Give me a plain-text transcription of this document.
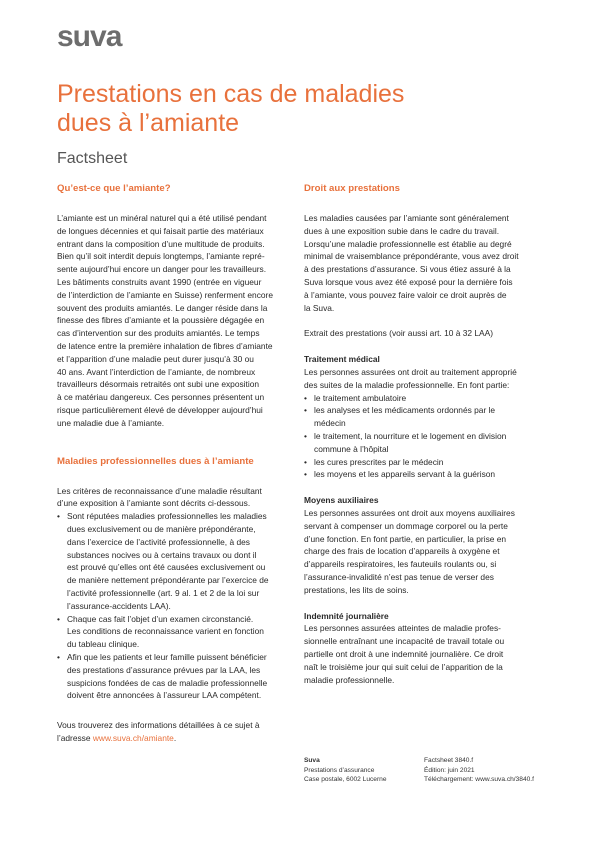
suva
Prestations en cas de maladies
dues à l’amiante
Factsheet
Qu’est-ce que l’amiante?

L’amiante est un minéral naturel qui a été utilisé pendant
de longues décennies et qui faisait partie des matériaux
entrant dans la composition d’une multitude de produits.
Bien qu’il soit interdit depuis longtemps, l’amiante repré-
sente aujourd’hui encore un danger pour les travailleurs.
Les bâtiments construits avant 1990 (entrée en vigueur
de l’interdiction de l’amiante en Suisse) renferment encore
souvent des produits amiantés. Le danger réside dans la
finesse des fibres d’amiante et la poussière dégagée en
cas d’intervention sur des produits amiantés. Le temps
de latence entre la première inhalation de fibres d’amiante
et l’apparition d’une maladie peut durer jusqu’à 30 ou
40 ans. Avant l’interdiction de l’amiante, de nombreux
travailleurs désormais retraités ont subi une exposition
à ce matériau dangereux. Ces personnes présentent un
risque particulièrement élevé de développer aujourd’hui
une maladie due à l’amiante.

Maladies professionnelles dues à l’amiante

Les critères de reconnaissance d’une maladie résultant
d’une exposition à l’amiante sont décrits ci-dessous.

• Sont réputées maladies professionnelles les maladies
dues exclusivement ou de manière prépondérante,
dans l’exercice de l’activité professionnelle, à des
substances nocives ou à certains travaux ou dont il
est prouvé qu’elles ont été causées exclusivement ou
de manière nettement prépondérante par l’exercice de
l’activité professionnelle (art. 9 al. 1 et 2 de la loi sur
l’assurance-accidents LAA).
• Chaque cas fait l’objet d’un examen circonstancié.
Les conditions de reconnaissance varient en fonction
du tableau clinique.
• Afin que les patients et leur famille puissent bénéficier
des prestations d’assurance prévues par la LAA, les
suspicions fondées de cas de maladie professionnelle
doivent être annoncées à l’assureur LAA compétent.

Vous trouverez des informations détaillées à ce sujet à
l’adresse www.suva.ch/amiante.

Droit aux prestations

Les maladies causées par l’amiante sont généralement
dues à une exposition subie dans le cadre du travail.
Lorsqu’une maladie professionnelle est établie au degré
minimal de vraisemblance prépondérante, vous avez droit
à des prestations d’assurance. Si vous étiez assuré à la
Suva lorsque vous avez été exposé pour la dernière fois
à l’amiante, vous pouvez faire valoir ce droit auprès de
la Suva.

Extrait des prestations (voir aussi art. 10 à 32 LAA)

Traitement médical

Les personnes assurées ont droit au traitement approprié
des suites de la maladie professionnelle. En font partie:

• le traitement ambulatoire
• les analyses et les médicaments ordonnés par le
médecin
• le traitement, la nourriture et le logement en division
commune à l’hôpital
• les cures prescrites par le médecin
• les moyens et les appareils servant à la guérison
Moyens auxiliaires

Les personnes assurées ont droit aux moyens auxiliaires
servant à compenser un dommage corporel ou la perte
d’une fonction. En font partie, en particulier, la prise en
charge des frais de location d’appareils à oxygène et
d’appareils respiratoires, les fauteuils roulants ou, si
l’assurance-invalidité n’est pas tenue de verser des
prestations, les lits de soins.

Indemnité journalière

Les personnes assurées atteintes de maladie profes-
sionnelle entraînant une incapacité de travail totale ou
partielle ont droit à une indemnité journalière. Ce droit
naît le troisième jour qui suit celui de l’apparition de la
maladie professionnelle.

Suva
Prestations d’assurance
Case postale, 6002 Lucerne
Factsheet 3840.f
Édition: juin 2021
Téléchargement: www.suva.ch/3840.f
